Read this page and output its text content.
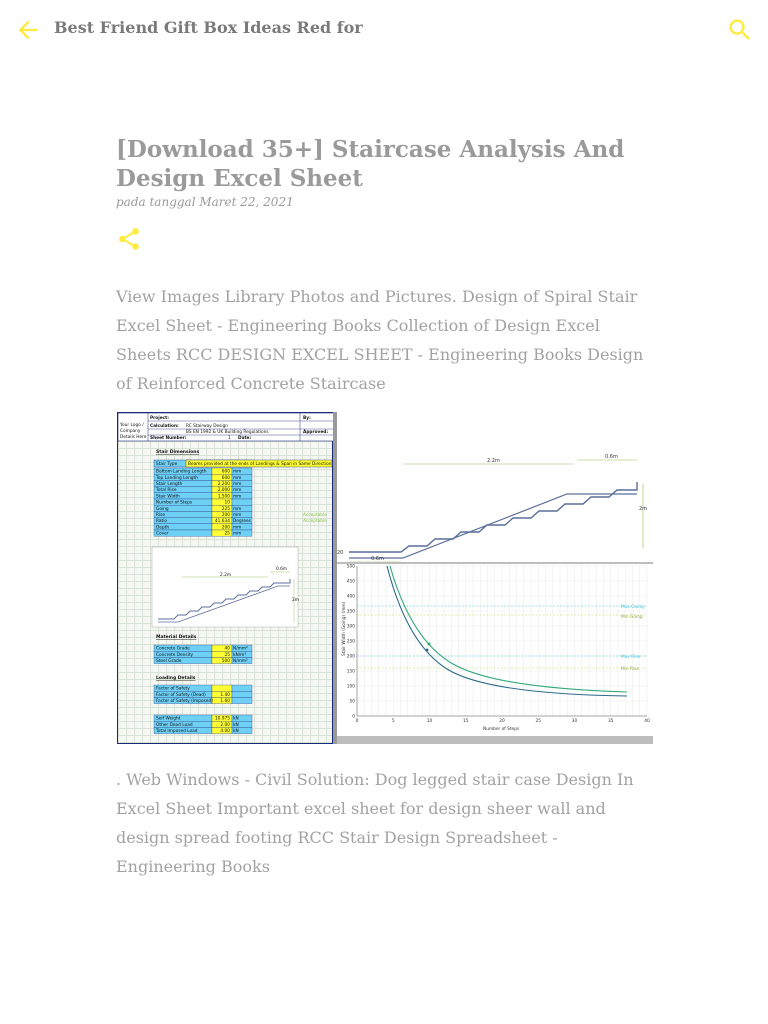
Best Friend Gift Box Ideas Red for
[Download 35+] Staircase Analysis And Design Excel Sheet
pada tanggal Maret 22, 2021

View Images Library Photos and Pictures. Design of Spiral Stair Excel Sheet - Engineering Books Collection of Design Excel Sheets RCC DESIGN EXCEL SHEET - Engineering Books Design of Reinforced Concrete Staircase

Project:
Calculation: RC Stairway Design
BS EN 1992 & UK Building Regulations
Sheet Number:	1
By:
Date:
Approved:
Your Logo /
Company
Details Here
Stair Dimensions
Stair Type	Beams provided at the ends of Landings & Span in Same Direction
Bottom Landing Length	600 mm
Top Landing Length	600 mm
Stair Length	2,200 mm
Total Rise	2,000 mm
Stair Width	1,500 mm
Number of Steps	10
Going	225 mm
Rise	200 mm
Ratio	41.634 Degrees
Depth	200 mm
Cover	25 mm
Acceptable
Acceptable
2.2m
0.6m
2m
Material Details
Concrete Grade	40 N/mm²
Concrete Density	25 kN/m³
Steel Grade	500 N/mm²
Loading Details
Factor of Safety
Factor of Safety (Dead)	1.40
Factor of Safety (Imposed) 1.60
Self Weight	10.975 kN
Other Dead Load	2.00 kN
Total Imposed Load	4.00 kN
2.2m
0.6m
2m
0.6m
20
Stair Width (Going) (mm)
Number of Steps
500
450
400
350
300
250
200
150
100
50
0
0	5	10	15	20	25	30	35	40
Max Going
Min Going
Max Rise
Min Rise

. Web Windows - Civil Solution: Dog legged stair case Design In Excel Sheet Important excel sheet for design sheer wall and design spread footing RCC Stair Design Spreadsheet - Engineering Books
